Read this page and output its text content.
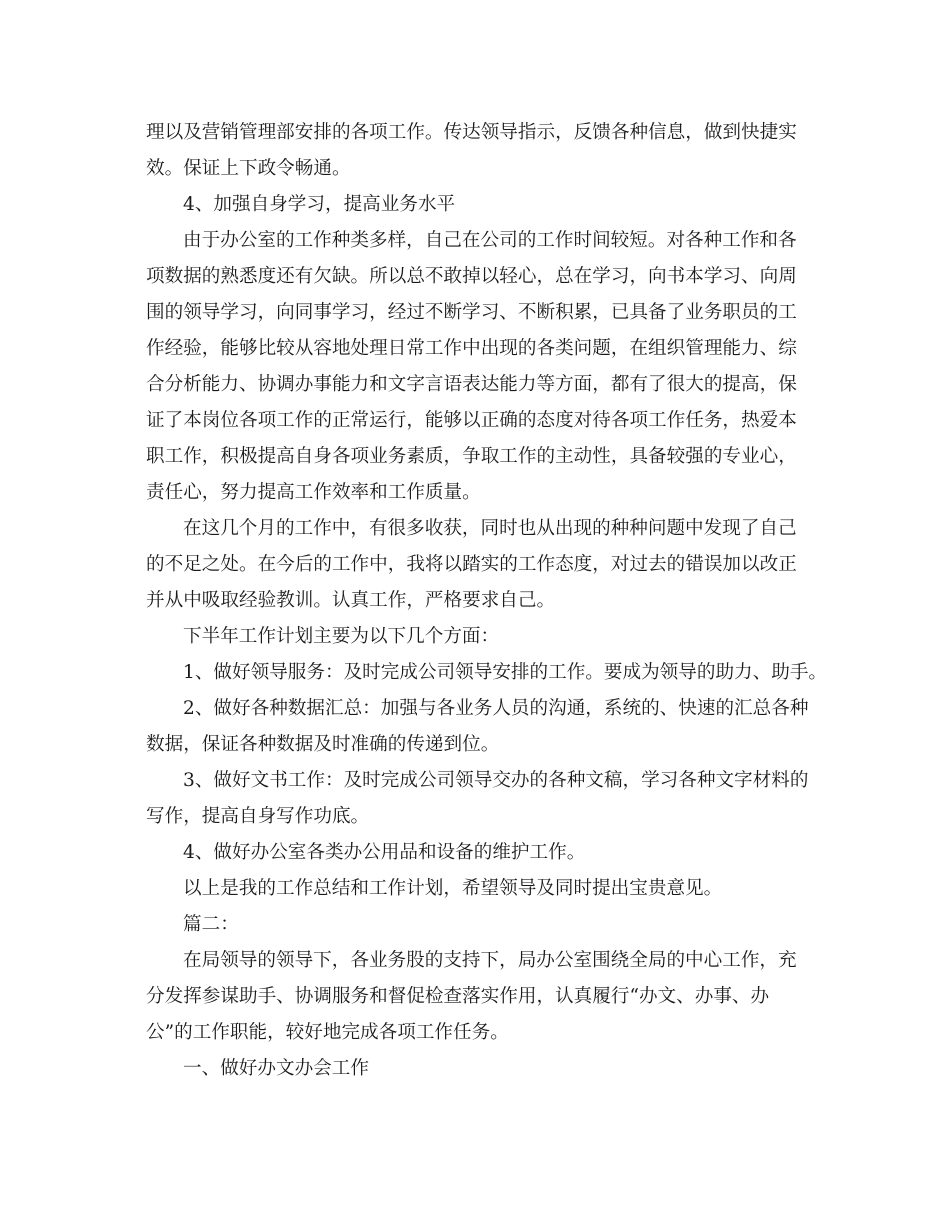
理以及营销管理部安排的各项工作。传达领导指示，反馈各种信息，做到快捷实
效。保证上下政令畅通。
4、加强自身学习，提高业务水平
由于办公室的工作种类多样，自己在公司的工作时间较短。对各种工作和各
项数据的熟悉度还有欠缺。所以总不敢掉以轻心，总在学习，向书本学习、向周
围的领导学习，向同事学习，经过不断学习、不断积累，已具备了业务职员的工
作经验，能够比较从容地处理日常工作中出现的各类问题，在组织管理能力、综
合分析能力、协调办事能力和文字言语表达能力等方面，都有了很大的提高，保
证了本岗位各项工作的正常运行，能够以正确的态度对待各项工作任务，热爱本
职工作，积极提高自身各项业务素质，争取工作的主动性，具备较强的专业心，
责任心，努力提高工作效率和工作质量。
在这几个月的工作中，有很多收获，同时也从出现的种种问题中发现了自己
的不足之处。在今后的工作中，我将以踏实的工作态度，对过去的错误加以改正
并从中吸取经验教训。认真工作，严格要求自己。
下半年工作计划主要为以下几个方面：
1、做好领导服务：及时完成公司领导安排的工作。要成为领导的助力、助手。
2、做好各种数据汇总：加强与各业务人员的沟通，系统的、快速的汇总各种
数据，保证各种数据及时准确的传递到位。
3、做好文书工作：及时完成公司领导交办的各种文稿，学习各种文字材料的
写作，提高自身写作功底。
4、做好办公室各类办公用品和设备的维护工作。
以上是我的工作总结和工作计划，希望领导及同时提出宝贵意见。
篇二：
在局领导的领导下，各业务股的支持下，局办公室围绕全局的中心工作，充
分发挥参谋助手、协调服务和督促检查落实作用，认真履行“办文、办事、办
公”的工作职能，较好地完成各项工作任务。
一、做好办文办会工作
